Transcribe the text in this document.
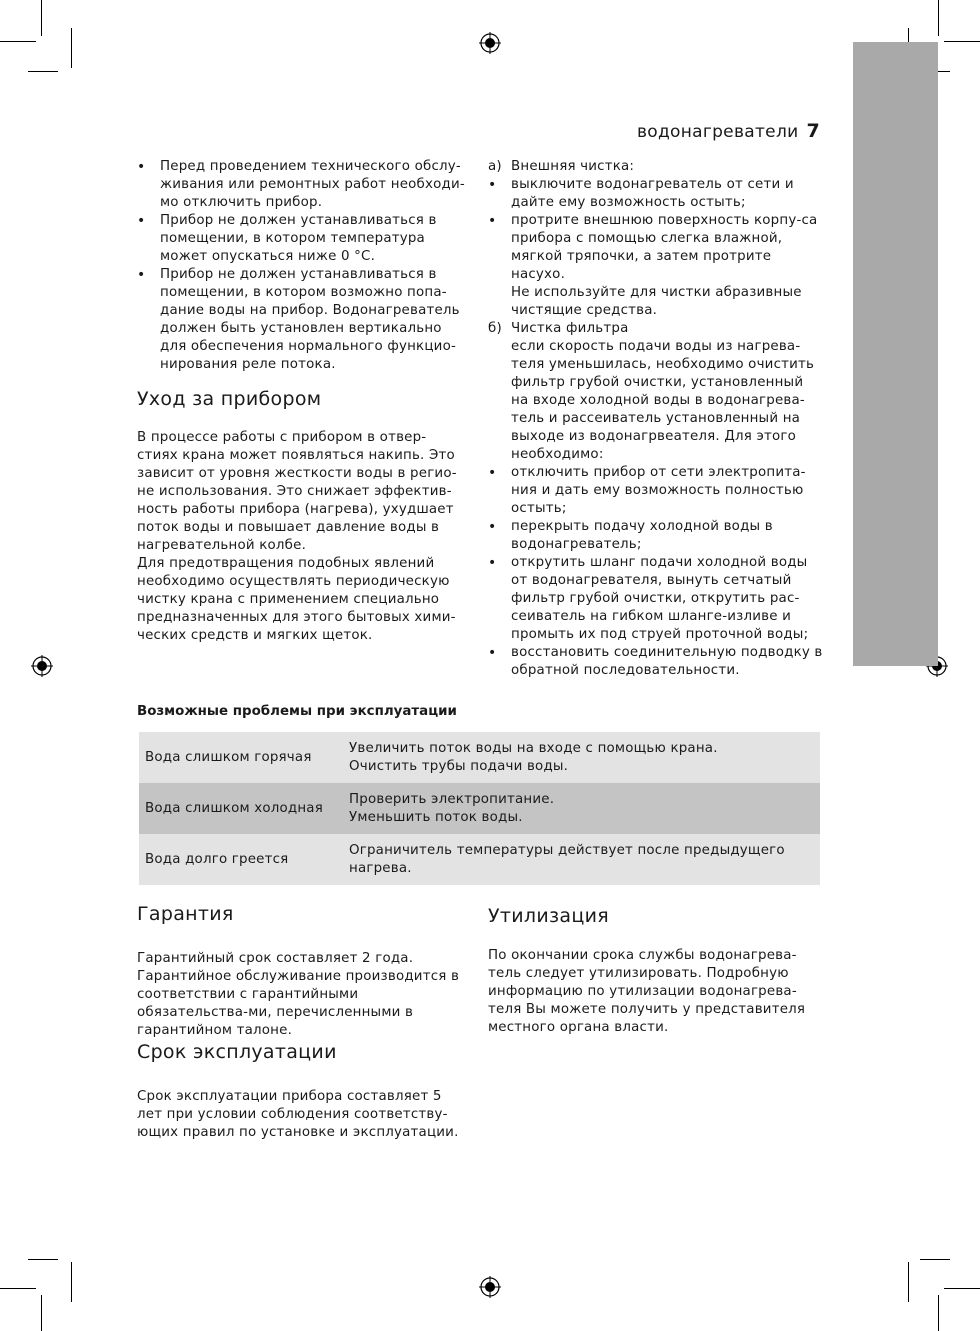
водонагреватели 7
• Перед проведением технического обслу-живания или ремонтных работ необходи-мо отключить прибор.
• Прибор не должен устанавливаться в помещении, в котором температура может опускаться ниже 0 °С.
• Прибор не должен устанавливаться в помещении, в котором возможно попа-дание воды на прибор. Водонагреватель должен быть установлен вертикально для обеспечения нормального функцио-нирования реле потока.
Уход за прибором

В процессе работы с прибором в отвер-стиях крана может появляться накипь. Это зависит от уровня жесткости воды в регио-не использования. Это снижает эффектив-ность работы прибора (нагрева), ухудшает поток воды и повышает давление воды в нагревательной колбе.

Для предотвращения подобных явлений необходимо осуществлять периодическую чистку крана с применением специально предназначенных для этого бытовых хими-ческих средств и мягких щеток.

а) Внешняя чистка:
• выключите водонагреватель от сети и дайте ему возможность остыть;
• протрите внешнюю поверхность корпу-са прибора с помощью слегка влажной, мягкой тряпочки, а затем протрите насухо.
Не используйте для чистки абразивные чистящие средства.
б) Чистка фильтра
если скорость подачи воды из нагрева-теля уменьшилась, необходимо очистить фильтр грубой очистки, установленный на входе холодной воды в водонагрева-тель и рассеиватель установленный на выходе из водонагрвеателя. Для этого необходимо:
• отключить прибор от сети электропита-ния и дать ему возможность полностью остыть;
• перекрыть подачу холодной воды в водонагреватель;
• открутить шланг подачи холодной воды от водонагревателя, вынуть сетчатый фильтр грубой очистки, открутить рас-сеиватель на гибком шланге-изливе и промыть их под струей проточной воды;
• восстановить соединительную подводку в обратной последовательности.
Возможные проблемы при эксплуатации
Вода слишком горячая	Увеличить поток воды на входе с помощью крана.
Очистить трубы подачи воды.

Вода слишком холодная	Проверить электропитание.
Уменьшить поток воды.

Вода долго греется	Ограничитель температуры действует после предыдущего
нагрева.
Гарантия
Гарантийный срок составляет 2 года. Гарантийное обслуживание производится в соответствии с гарантийными обязательства-ми, перечисленными в гарантийном талоне.
Срок эксплуатации
Срок эксплуатации прибора составляет 5 лет при условии соблюдения соответству-ющих правил по установке и эксплуатации.
Утилизация
По окончании срока службы водонагрева-тель следует утилизировать. Подробную информацию по утилизации водонагрева-теля Вы можете получить у представителя местного органа власти.
